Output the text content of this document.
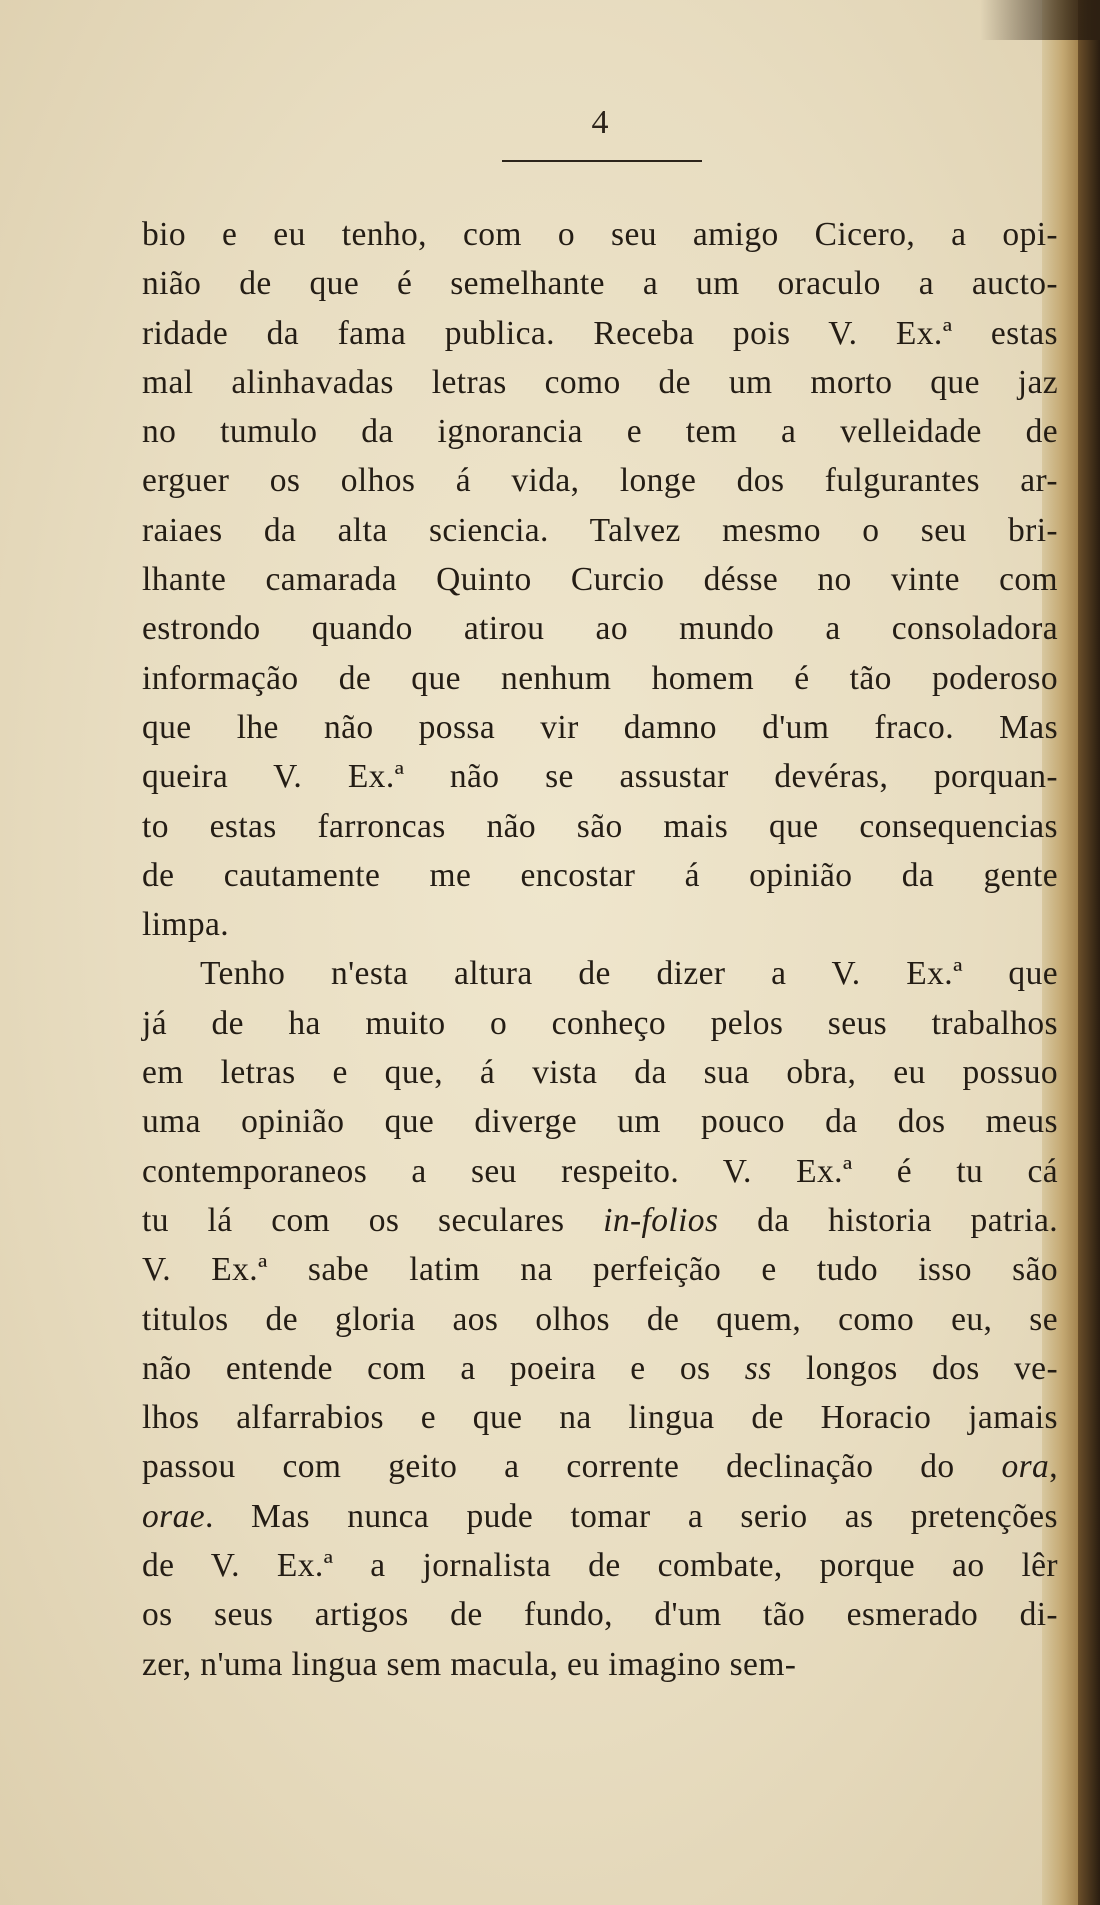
4
bio e eu tenho, com o seu amigo Cicero, a opi-
nião de que é semelhante a um oraculo a aucto-
ridade da fama publica. Receba pois V. Ex.ª estas
mal alinhavadas letras como de um morto que jaz
no tumulo da ignorancia e tem a velleidade de
erguer os olhos á vida, longe dos fulgurantes ar-
raiaes da alta sciencia. Talvez mesmo o seu bri-
lhante camarada Quinto Curcio désse no vinte com
estrondo quando atirou ao mundo a consoladora
informação de que nenhum homem é tão poderoso
que lhe não possa vir damno d'um fraco. Mas
queira V. Ex.ª não se assustar devéras, porquan-
to estas farroncas não são mais que consequencias
de cautamente me encostar á opinião da gente
limpa.
Tenho n'esta altura de dizer a V. Ex.ª que
já de ha muito o conheço pelos seus trabalhos
em letras e que, á vista da sua obra, eu possuo
uma opinião que diverge um pouco da dos meus
contemporaneos a seu respeito. V. Ex.ª é tu cá
tu lá com os seculares in-folios da historia patria.
V. Ex.ª sabe latim na perfeição e tudo isso são
titulos de gloria aos olhos de quem, como eu, se
não entende com a poeira e os ss longos dos ve-
lhos alfarrabios e que na lingua de Horacio jamais
passou com geito a corrente declinação do ora,
orae. Mas nunca pude tomar a serio as pretenções
de V. Ex.ª a jornalista de combate, porque ao lêr
os seus artigos de fundo, d'um tão esmerado di-
zer, n'uma lingua sem macula, eu imagino sem-
